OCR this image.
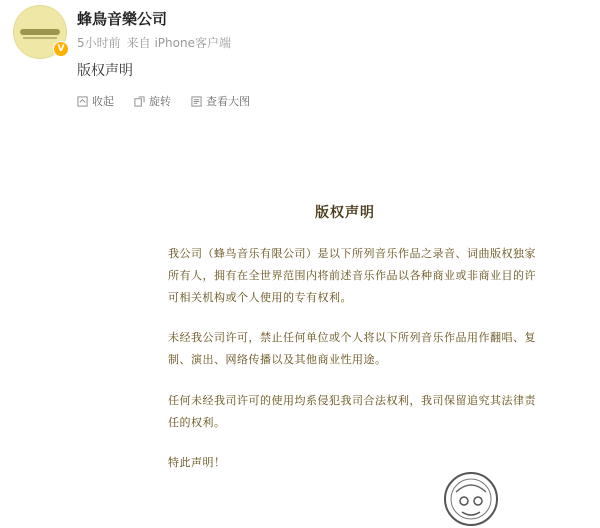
V
蜂鳥音樂公司
5小时前 来自 iPhone客户端
版权声明
收起	旋转	查看大图
版权声明
我公司（蜂鸟音乐有限公司）是以下所列音乐作品之录音、词曲版权独家所有人，拥有在全世界范围内将前述音乐作品以各种商业或非商业目的许可相关机构或个人使用的专有权利。
未经我公司许可，禁止任何单位或个人将以下所列音乐作品用作翻唱、复制、演出、网络传播以及其他商业性用途。
任何未经我司许可的使用均系侵犯我司合法权利，我司保留追究其法律责任的权利。
特此声明！
